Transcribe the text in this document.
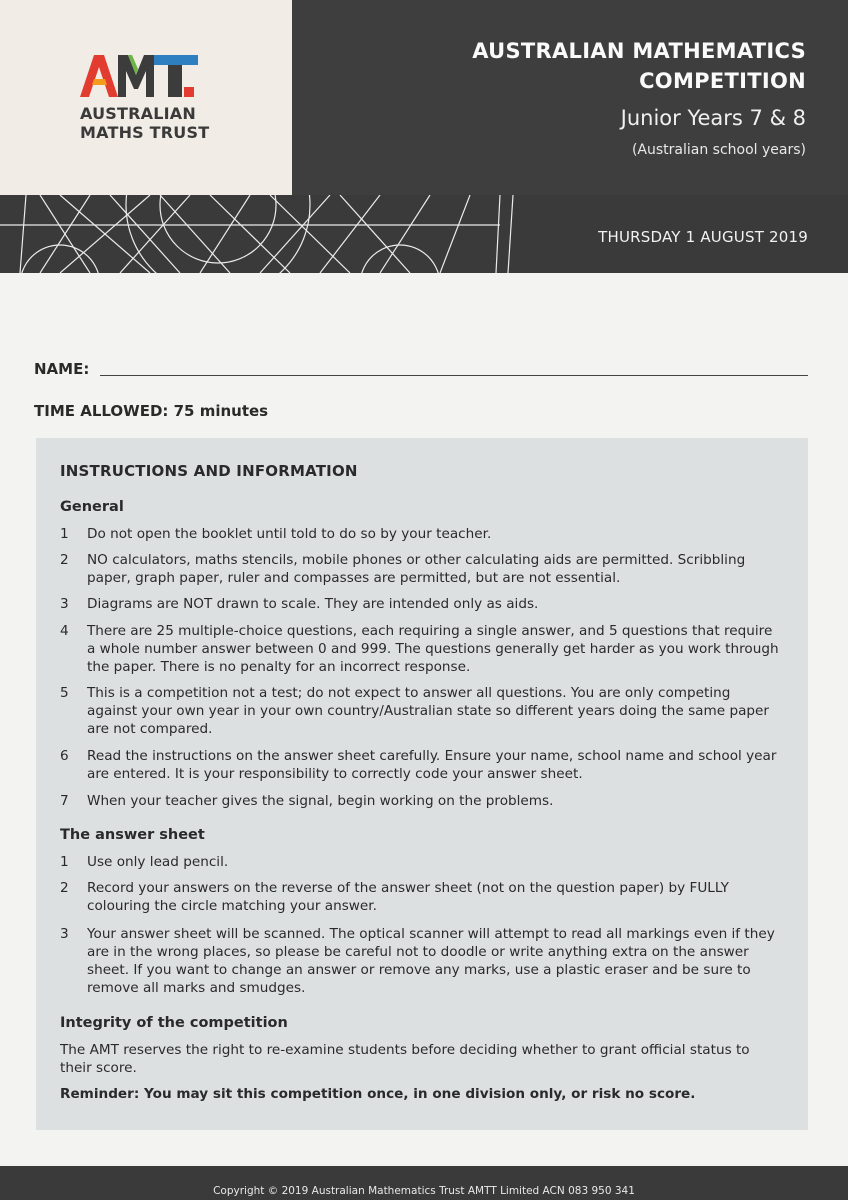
AUSTRALIAN
MATHS TRUST
AUSTRALIAN MATHEMATICS
COMPETITION
Junior Years 7 & 8
(Australian school years)
THURSDAY 1 AUGUST 2019
NAME:
TIME ALLOWED: 75 minutes
INSTRUCTIONS AND INFORMATION
General
1	Do not open the booklet until told to do so by your teacher.
2	NO calculators, maths stencils, mobile phones or other calculating aids are permitted. Scribbling paper, graph paper, ruler and compasses are permitted, but are not essential.
3	Diagrams are NOT drawn to scale. They are intended only as aids.
4	There are 25 multiple-choice questions, each requiring a single answer, and 5 questions that require a whole number answer between 0 and 999. The questions generally get harder as you work through the paper. There is no penalty for an incorrect response.
5	This is a competition not a test; do not expect to answer all questions. You are only competing against your own year in your own country/Australian state so different years doing the same paper are not compared.
6	Read the instructions on the answer sheet carefully. Ensure your name, school name and school year are entered. It is your responsibility to correctly code your answer sheet.
7	When your teacher gives the signal, begin working on the problems.
The answer sheet
1	Use only lead pencil.
2	Record your answers on the reverse of the answer sheet (not on the question paper) by FULLY colouring the circle matching your answer.
3	Your answer sheet will be scanned. The optical scanner will attempt to read all markings even if they are in the wrong places, so please be careful not to doodle or write anything extra on the answer sheet. If you want to change an answer or remove any marks, use a plastic eraser and be sure to remove all marks and smudges.
Integrity of the competition
The AMT reserves the right to re-examine students before deciding whether to grant official status to their score.
Reminder: You may sit this competition once, in one division only, or risk no score.
Copyright © 2019 Australian Mathematics Trust AMTT Limited ACN 083 950 341
